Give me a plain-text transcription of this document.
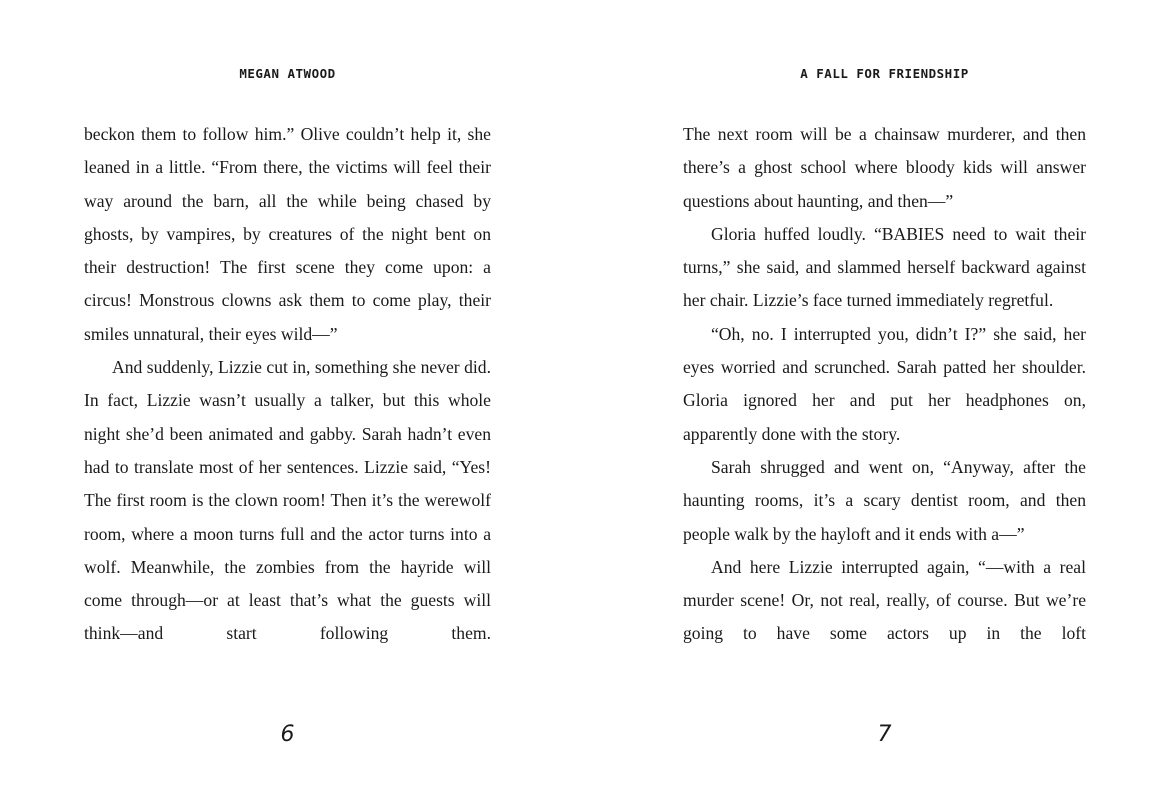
MEGAN ATWOOD

beckon them to follow him.” Olive couldn’t help it, she leaned in a little. “From there, the victims will feel their way around the barn, all the while being chased by ghosts, by vampires, by creatures of the night bent on their destruction! The first scene they come upon: a circus! Monstrous clowns ask them to come play, their smiles unnatural, their eyes wild—”

And suddenly, Lizzie cut in, something she never did. In fact, Lizzie wasn’t usually a talker, but this whole night she’d been animated and gabby. Sarah hadn’t even had to translate most of her sentences. Lizzie said, “Yes! The first room is the clown room! Then it’s the werewolf room, where a moon turns full and the actor turns into a wolf. Meanwhile, the zombies from the hayride will come through—or at least that’s what the guests will think—and start following them.

6
A FALL FOR FRIENDSHIP

The next room will be a chainsaw murderer, and then there’s a ghost school where bloody kids will answer questions about haunting, and then—”

Gloria huffed loudly. “BABIES need to wait their turns,” she said, and slammed herself backward against her chair. Lizzie’s face turned immediately regretful.

“Oh, no. I interrupted you, didn’t I?” she said, her eyes worried and scrunched. Sarah patted her shoulder. Gloria ignored her and put her headphones on, apparently done with the story.

Sarah shrugged and went on, “Anyway, after the haunting rooms, it’s a scary dentist room, and then people walk by the hayloft and it ends with a—”

And here Lizzie interrupted again, “—with a real murder scene! Or, not real, really, of course. But we’re going to have some actors up in the loft

7
